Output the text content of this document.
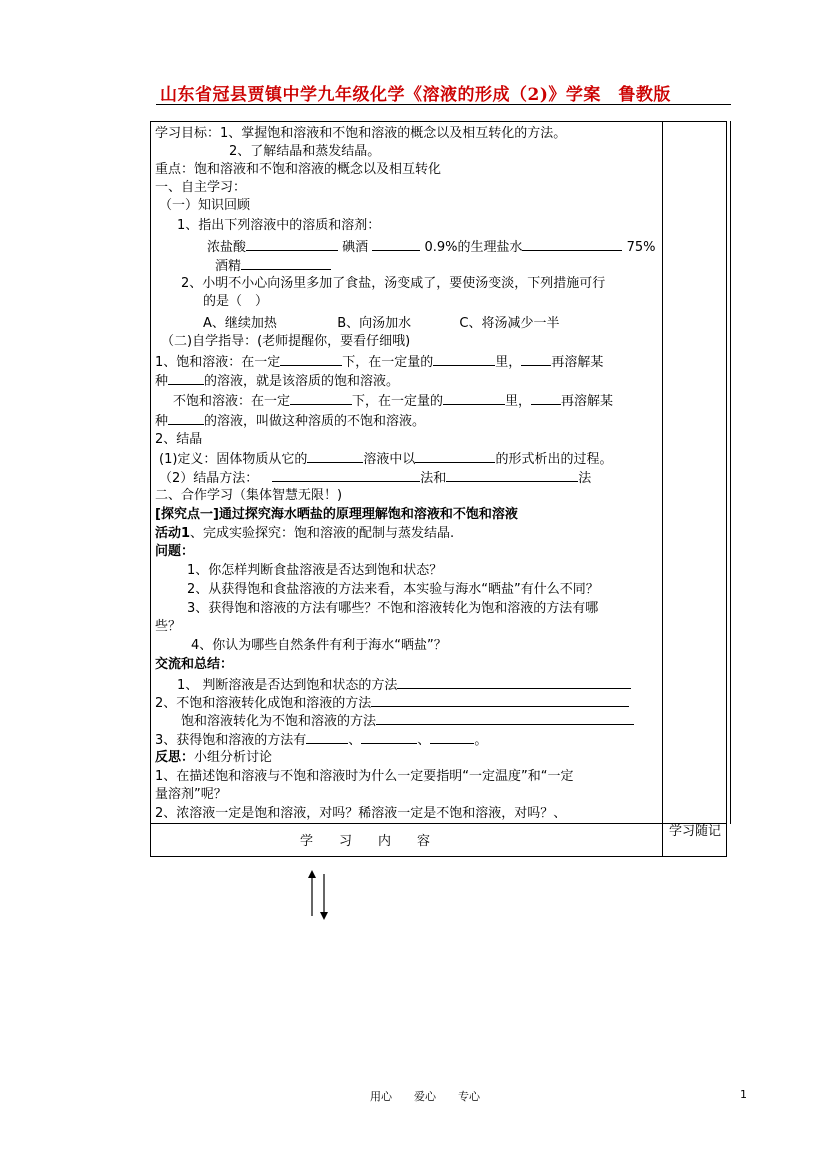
山东省冠县贾镇中学九年级化学《溶液的形成（2)》学案　鲁教版
学习目标：1、掌握饱和溶液和不饱和溶液的概念以及相互转化的方法。
2、了解结晶和蒸发结晶。
重点：饱和溶液和不饱和溶液的概念以及相互转化
一、自主学习：
（一）知识回顾
1、指出下列溶液中的溶质和溶剂：
浓盐酸	碘酒	0.9%的生理盐水	75%
酒精
2、小明不小心向汤里多加了食盐，汤变咸了，要使汤变淡，下列措施可行
的是（　）
A、继续加热	B、向汤加水	C、将汤减少一半
（二)自学指导：(老师提醒你，要看仔细哦)
1、饱和溶液：在一定	下，在一定量的	里， 再溶解某
种	的溶液，就是该溶质的饱和溶液。
不饱和溶液：在一定	下，在一定量的	里， 再溶解某
种	的溶液，叫做这种溶质的不饱和溶液。
2、结晶
(1)定义：固体物质从它的	溶液中以	的形式析出的过程。
（2）结晶方法：	法和	法
二、合作学习（集体智慧无限！)
[探究点一]通过探究海水晒盐的原理理解饱和溶液和不饱和溶液
活动1、完成实验探究：饱和溶液的配制与蒸发结晶.
问题：
1、你怎样判断食盐溶液是否达到饱和状态？
2、从获得饱和食盐溶液的方法来看，本实验与海水“晒盐”有什么不同？
3、获得饱和溶液的方法有哪些？不饱和溶液转化为饱和溶液的方法有哪
些？
4、你认为哪些自然条件有利于海水“晒盐”？
交流和总结：
1、 判断溶液是否达到饱和状态的方法
2、不饱和溶液转化成饱和溶液的方法
饱和溶液转化为不饱和溶液的方法
3、获得饱和溶液的方法有	、	、	。
反思：小组分析讨论
1、在描述饱和溶液与不饱和溶液时为什么一定要指明“一定温度”和“一定
量溶剂”呢？
2、浓溶液一定是饱和溶液，对吗？稀溶液一定是不饱和溶液，对吗？、
学　　习　　内　　容
学习随记
用心　　爱心　　专心	1
